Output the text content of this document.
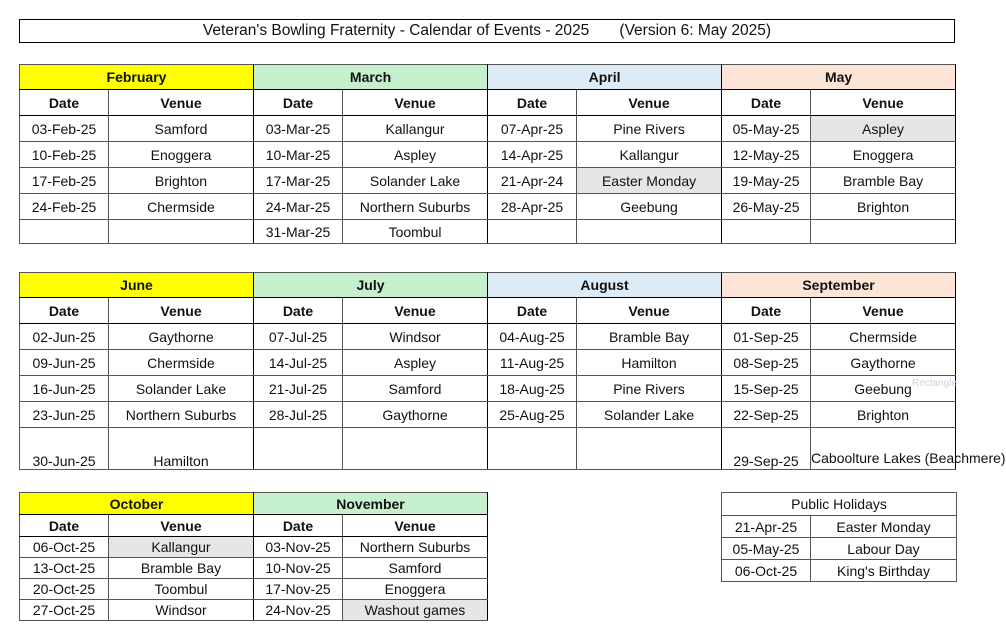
Veteran's Bowling Fraternity - Calendar of Events - 2025       (Version 6: May 2025)
February		March		April		May	
Date	Venue	Date	Venue	Date	Venue	Date	Venue
03-Feb-25	Samford	03-Mar-25	Kallangur	07-Apr-25	Pine Rivers	05-May-25	Aspley
10-Feb-25	Enoggera	10-Mar-25	Aspley	14-Apr-25	Kallangur	12-May-25	Enoggera
17-Feb-25	Brighton	17-Mar-25	Solander Lake	21-Apr-24	Easter Monday	19-May-25	Bramble Bay
24-Feb-25	Chermside	24-Mar-25	Northern Suburbs	28-Apr-25	Geebung	26-May-25	Brighton
		31-Mar-25	Toombul				
June		July		August		September	
Date	Venue	Date	Venue	Date	Venue	Date	Venue
02-Jun-25	Gaythorne	07-Jul-25	Windsor	04-Aug-25	Bramble Bay	01-Sep-25	Chermside
09-Jun-25	Chermside	14-Jul-25	Aspley	11-Aug-25	Hamilton	08-Sep-25	Gaythorne
16-Jun-25	Solander Lake	21-Jul-25	Samford	18-Aug-25	Pine Rivers	15-Sep-25	Geebung
23-Jun-25	Northern Suburbs	28-Jul-25	Gaythorne	25-Aug-25	Solander Lake	22-Sep-25	Brighton
30-Jun-25	Hamilton					29-Sep-25	Caboolture Lakes (Beachmere)
October		November	
Date	Venue	Date	Venue
06-Oct-25	Kallangur	03-Nov-25	Northern Suburbs
13-Oct-25	Bramble Bay	10-Nov-25	Samford
20-Oct-25	Toombul	17-Nov-25	Enoggera
27-Oct-25	Windsor	24-Nov-25	Washout games
Public Holidays	
21-Apr-25	Easter Monday
05-May-25	Labour Day
06-Oct-25	King's Birthday
Rectangle
